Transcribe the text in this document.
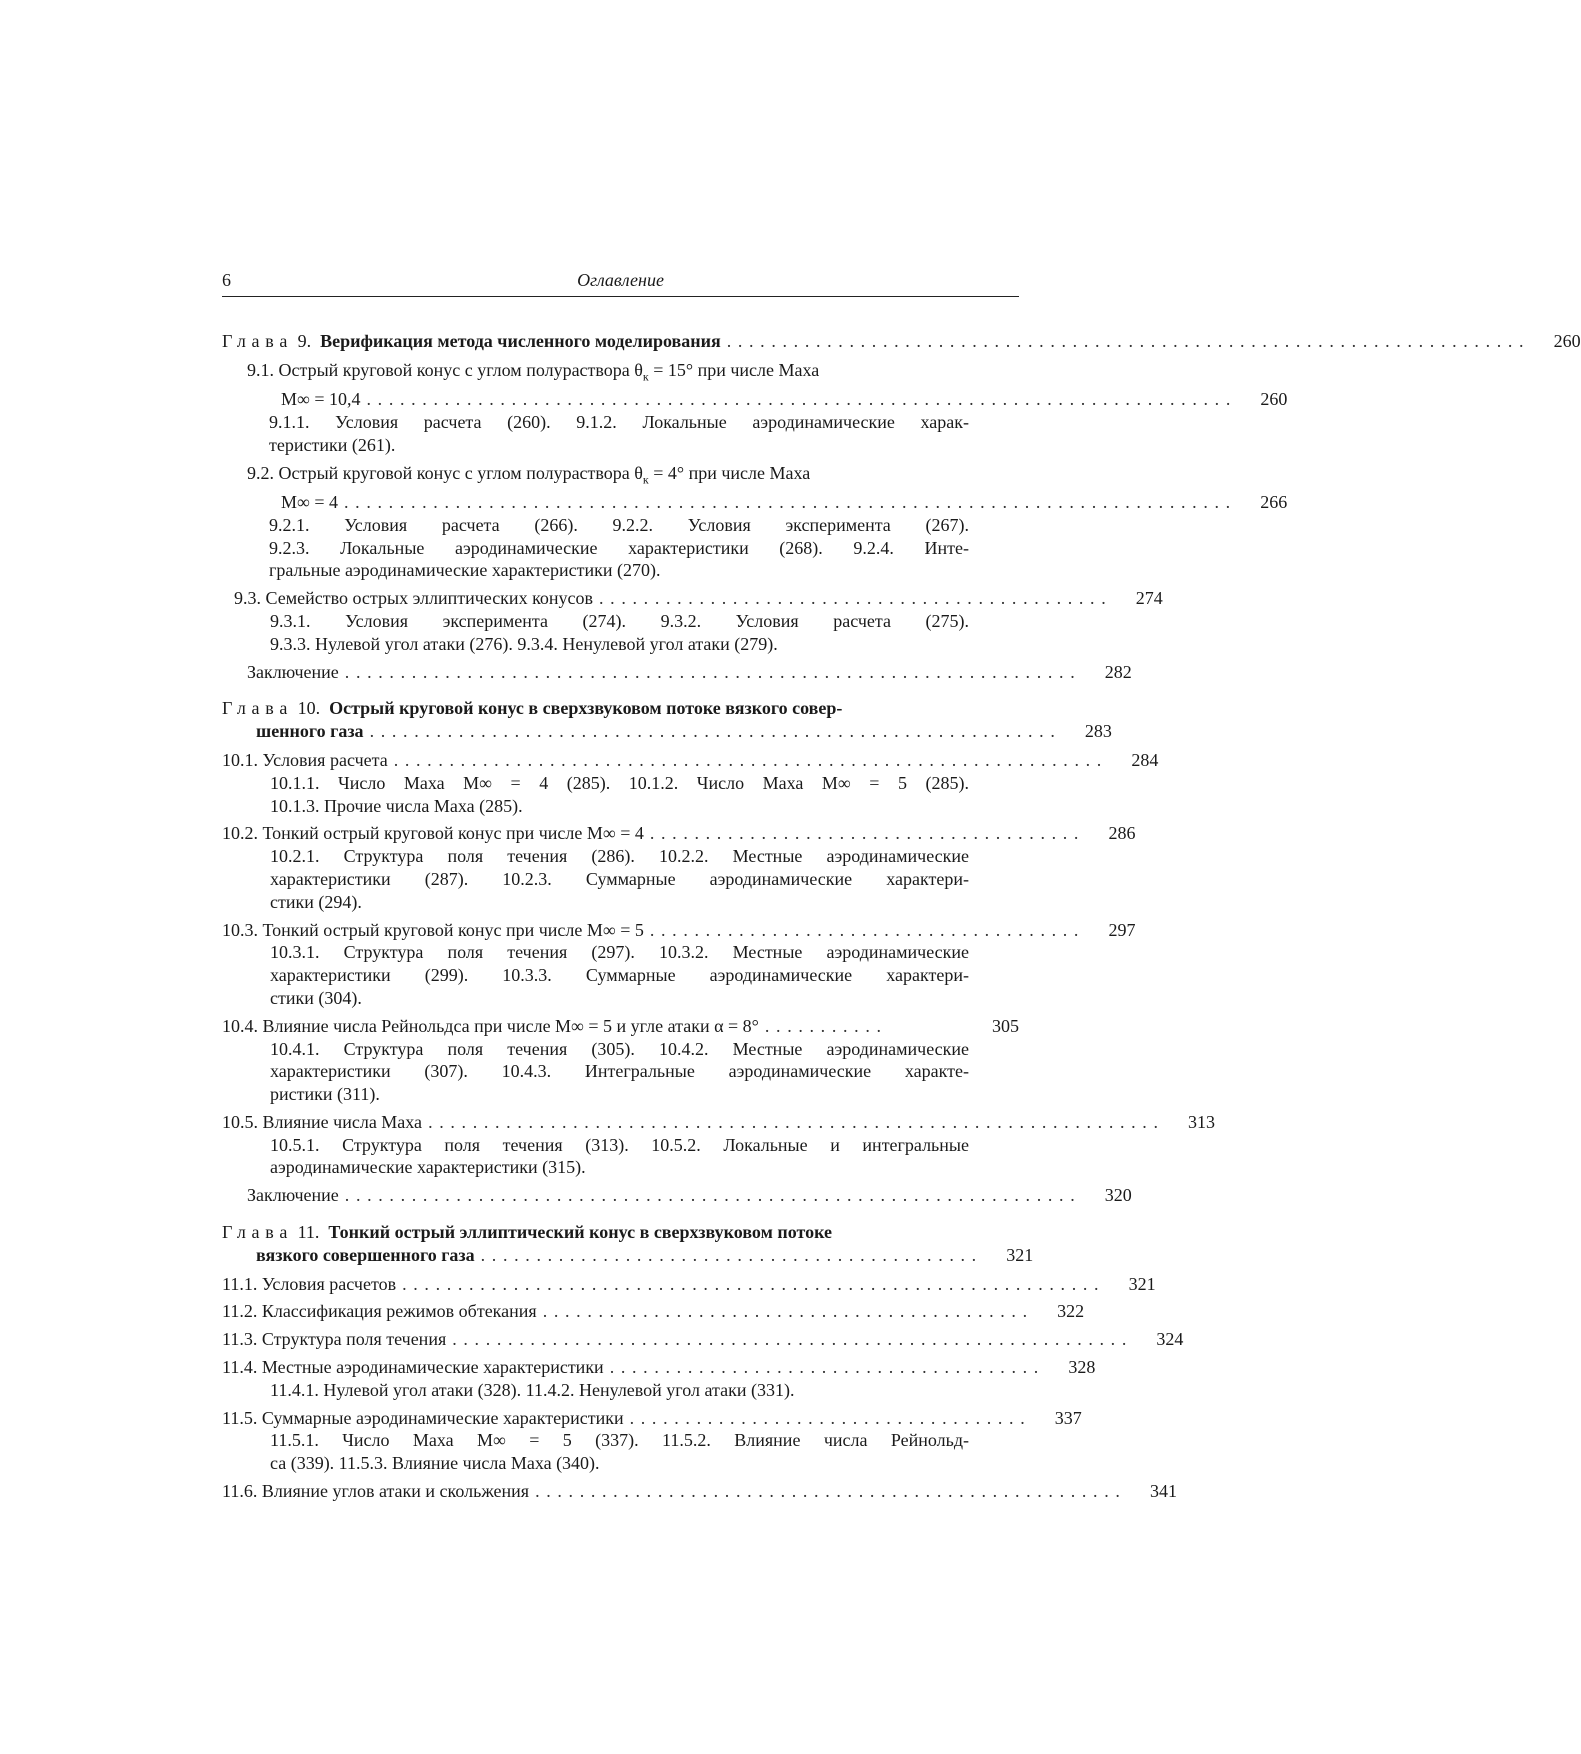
6	Оглавление
Глава 9. Верификация метода численного моделирования . . . . . . . . . . . . . . . . . . . . . . . . . . . . . . . . . . . . . . . . . . . . . . . . . . . . . . . . . . . . . . . . . . . . . . . .	260
9.1. Острый круговой конус с углом полураствора $\theta_к = 15^\circ$ при числе Маха
M∞ = 10,4 . . . . . . . . . . . . . . . . . . . . . . . . . . . . . . . . . . . . . . . . . . . . . . . . . . . . . . . . . . . . . . . . . . . . . . . . . . . . . .	260
9.1.1. Условия расчета (260). 9.1.2. Локальные аэродинамические харак-
теристики (261).
9.2. Острый круговой конус с углом полураствора $\theta_к = 4^\circ$ при числе Маха
M∞ = 4 . . . . . . . . . . . . . . . . . . . . . . . . . . . . . . . . . . . . . . . . . . . . . . . . . . . . . . . . . . . . . . . . . . . . . . . . . . . . . . . .	266
9.2.1. Условия расчета (266). 9.2.2. Условия эксперимента (267).
9.2.3. Локальные аэродинамические характеристики (268). 9.2.4. Инте-
гральные аэродинамические характеристики (270).
9.3. Семейство острых эллиптических конусов . . . . . . . . . . . . . . . . . . . . . . . . . . . . . . . . . . . . . . . . . . . . . .	274
9.3.1. Условия эксперимента (274). 9.3.2. Условия расчета (275).
9.3.3. Нулевой угол атаки (276). 9.3.4. Ненулевой угол атаки (279).
Заключение . . . . . . . . . . . . . . . . . . . . . . . . . . . . . . . . . . . . . . . . . . . . . . . . . . . . . . . . . . . . . . . . . .	282
Глава 10. Острый круговой конус в сверхзвуковом потоке вязкого совер-
шенного газа . . . . . . . . . . . . . . . . . . . . . . . . . . . . . . . . . . . . . . . . . . . . . . . . . . . . . . . . . . . . . .	283
10.1. Условия расчета . . . . . . . . . . . . . . . . . . . . . . . . . . . . . . . . . . . . . . . . . . . . . . . . . . . . . . . . . . . . . . . .	284
10.1.1. Число Маха M∞ = 4 (285). 10.1.2. Число Маха M∞ = 5 (285).
10.1.3. Прочие числа Маха (285).
10.2. Тонкий острый круговой конус при числе M∞ = 4 . . . . . . . . . . . . . . . . . . . . . . . . . . . . . . . . . . . . . . .	286
10.2.1. Структура поля течения (286). 10.2.2. Местные аэродинамические
характеристики (287). 10.2.3. Суммарные аэродинамические характери-
стики (294).
10.3. Тонкий острый круговой конус при числе M∞ = 5 . . . . . . . . . . . . . . . . . . . . . . . . . . . . . . . . . . . . . . .	297
10.3.1. Структура поля течения (297). 10.3.2. Местные аэродинамические
характеристики (299). 10.3.3. Суммарные аэродинамические характери-
стики (304).
10.4. Влияние числа Рейнольдса при числе M∞ = 5 и угле атаки α = 8° . . . . . . . . . . .	305
10.4.1. Структура поля течения (305). 10.4.2. Местные аэродинамические
характеристики (307). 10.4.3. Интегральные аэродинамические характе-
ристики (311).
10.5. Влияние числа Маха . . . . . . . . . . . . . . . . . . . . . . . . . . . . . . . . . . . . . . . . . . . . . . . . . . . . . . . . . . . . . . . . . .	313
10.5.1. Структура поля течения (313). 10.5.2. Локальные и интегральные
аэродинамические характеристики (315).
Заключение . . . . . . . . . . . . . . . . . . . . . . . . . . . . . . . . . . . . . . . . . . . . . . . . . . . . . . . . . . . . . . . . . .	320
Глава 11. Тонкий острый эллиптический конус в сверхзвуковом потоке
вязкого совершенного газа . . . . . . . . . . . . . . . . . . . . . . . . . . . . . . . . . . . . . . . . . . . . .	321
11.1. Условия расчетов . . . . . . . . . . . . . . . . . . . . . . . . . . . . . . . . . . . . . . . . . . . . . . . . . . . . . . . . . . . . . . .	321
11.2. Классификация режимов обтекания . . . . . . . . . . . . . . . . . . . . . . . . . . . . . . . . . . . . . . . . . . . .	322
11.3. Структура поля течения . . . . . . . . . . . . . . . . . . . . . . . . . . . . . . . . . . . . . . . . . . . . . . . . . . . . . . . . . . . . .	324
11.4. Местные аэродинамические характеристики . . . . . . . . . . . . . . . . . . . . . . . . . . . . . . . . . . . . . . .	328
11.4.1. Нулевой угол атаки (328). 11.4.2. Ненулевой угол атаки (331).
11.5. Суммарные аэродинамические характеристики . . . . . . . . . . . . . . . . . . . . . . . . . . . . . . . . . . . .	337
11.5.1. Число Маха M∞ = 5 (337). 11.5.2. Влияние числа Рейнольд-
са (339). 11.5.3. Влияние числа Маха (340).
11.6. Влияние углов атаки и скольжения . . . . . . . . . . . . . . . . . . . . . . . . . . . . . . . . . . . . . . . . . . . . . . . . . . . . .	341
